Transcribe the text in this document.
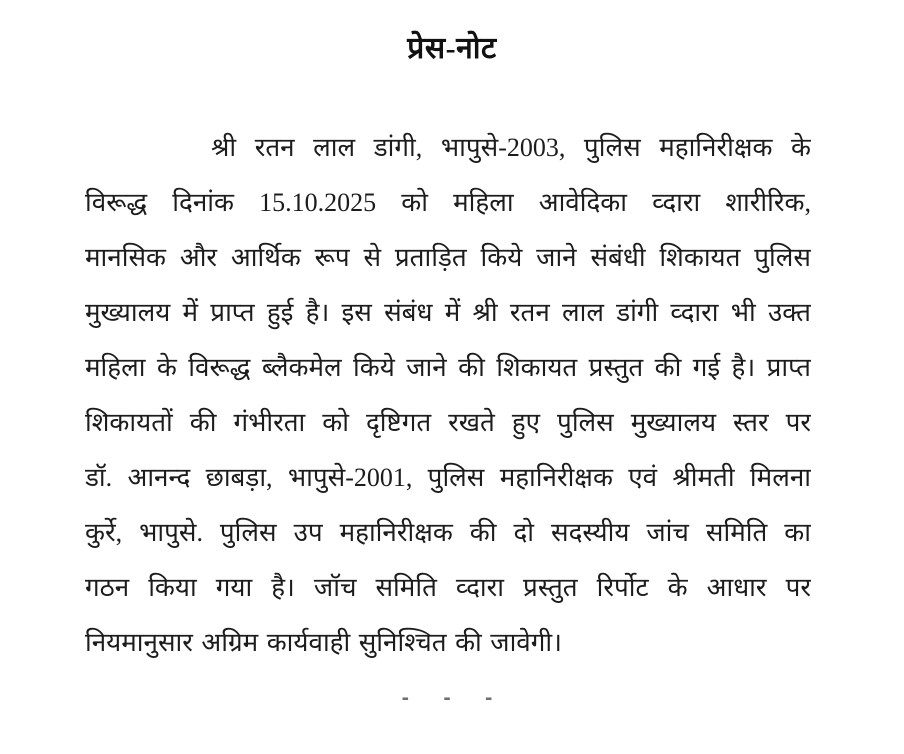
प्रेस-नोट
श्री रतन लाल डांगी, भापुसे-2003, पुलिस महानिरीक्षक के
विरूद्ध दिनांक 15.10.2025 को महिला आवेदिका व्दारा शारीरिक,
मानसिक और आर्थिक रूप से प्रताड़ित किये जाने संबंधी शिकायत पुलिस
मुख्यालय में प्राप्त हुई है। इस संबंध में श्री रतन लाल डांगी व्दारा भी उक्त
महिला के विरूद्ध ब्लैकमेल किये जाने की शिकायत प्रस्तुत की गई है। प्राप्त
शिकायतों की गंभीरता को दृष्टिगत रखते हुए पुलिस मुख्यालय स्तर पर
डॉ. आनन्द छाबड़ा, भापुसे-2001, पुलिस महानिरीक्षक एवं श्रीमती मिलना
कुर्रे, भापुसे. पुलिस उप महानिरीक्षक की दो सदस्यीय जांच समिति का
गठन किया गया है। जॉच समिति व्दारा प्रस्तुत रिर्पोट के आधार पर
नियमानुसार अग्रिम कार्यवाही सुनिश्चित की जावेगी।
- - -
